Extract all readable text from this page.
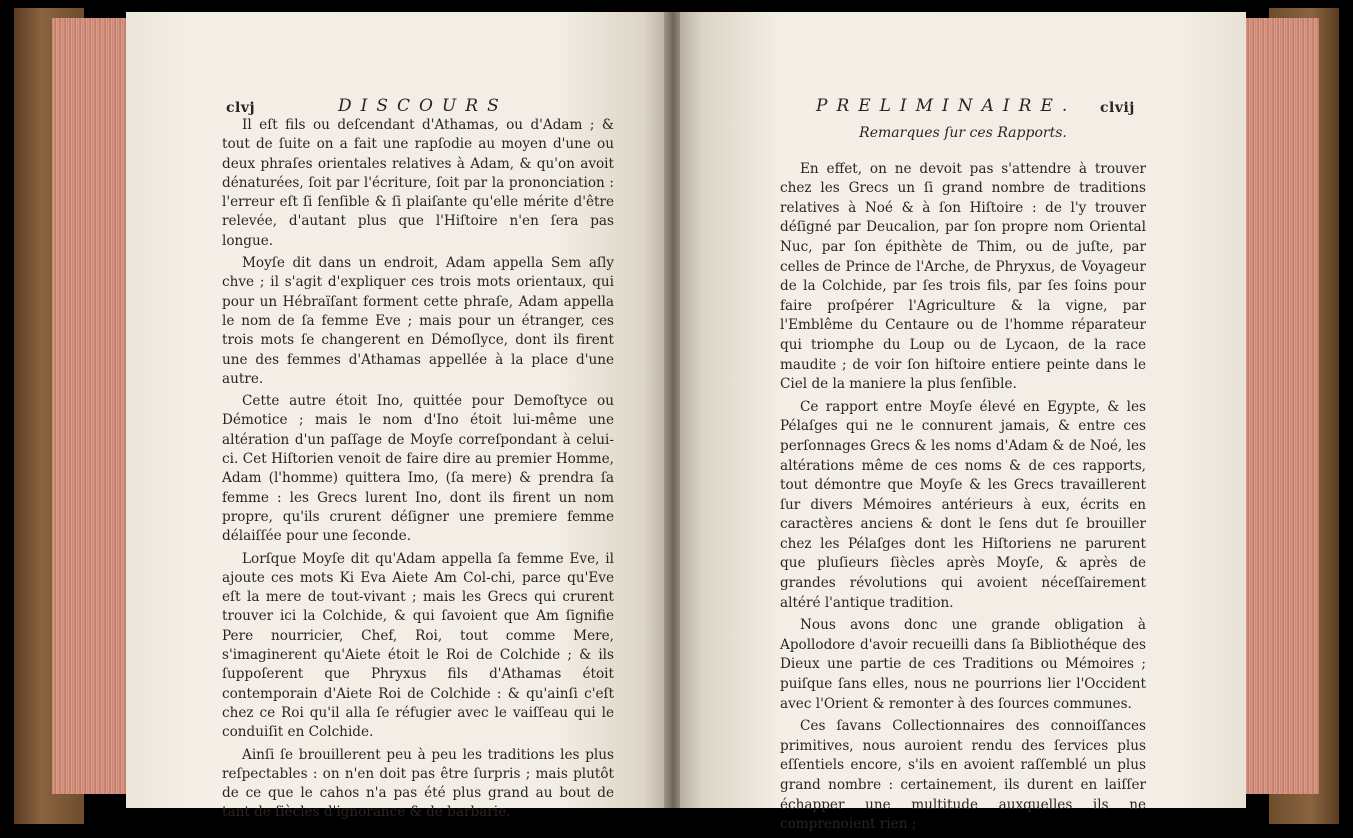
clvj	DISCOURS

Il eſt fils ou deſcendant d'Athamas, ou d'Adam ; & tout de ſuite on a fait une rapſodie au moyen d'une ou deux phraſes orientales relatives à Adam, & qu'on avoit dénaturées, ſoit par l'écriture, ſoit par la prononciation : l'erreur eſt ſi ſenſible & ſi plaiſante qu'elle mérite d'être relevée, d'autant plus que l'Hiſtoire n'en ſera pas longue.

Moyſe dit dans un endroit, Adam appella Sem aſly chve ; il s'agit d'expliquer ces trois mots orientaux, qui pour un Hébraïſant forment cette phraſe, Adam appella le nom de ſa femme Eve ; mais pour un étranger, ces trois mots ſe changerent en Démoſlyce, dont ils firent une des femmes d'Athamas appellée à la place d'une autre.

Cette autre étoit Ino, quittée pour Demoſtyce ou Démotice ; mais le nom d'Ino étoit lui-même une altération d'un paſſage de Moyſe correſpondant à celui-ci. Cet Hiſtorien venoit de faire dire au premier Homme, Adam (l'homme) quittera Imo, (ſa mere) & prendra ſa femme : les Grecs lurent Ino, dont ils firent un nom propre, qu'ils crurent déſigner une premiere femme délaiſſée pour une ſeconde.

Lorſque Moyſe dit qu'Adam appella ſa femme Eve, il ajoute ces mots Ki Eva Aiete Am Col-chi, parce qu'Eve eſt la mere de tout-vivant ; mais les Grecs qui crurent trouver ici la Colchide, & qui ſavoient que Am ſignifie Pere nourricier, Chef, Roi, tout comme Mere, s'imaginerent qu'Aiete étoit le Roi de Colchide ; & ils ſuppoſerent que Phryxus fils d'Athamas étoit contemporain d'Aiete Roi de Colchide : & qu'ainſi c'eſt chez ce Roi qu'il alla ſe réfugier avec le vaiſſeau qui le conduiſit en Colchide.

Ainſi ſe brouillerent peu à peu les traditions les plus reſpectables : on n'en doit pas être ſurpris ; mais plutôt de ce que le cahos n'a pas été plus grand au bout de tant de ſiècles d'ignorance & de barbarie.

PRELIMINAIRE. clvij

Remarques ſur ces Rapports.

En effet, on ne devoit pas s'attendre à trouver chez les Grecs un ſi grand nombre de traditions relatives à Noé & à ſon Hiſtoire : de l'y trouver déſigné par Deucalion, par ſon propre nom Oriental Nuc, par ſon épithète de Thim, ou de juſte, par celles de Prince de l'Arche, de Phryxus, de Voyageur de la Colchide, par ſes trois fils, par ſes ſoins pour faire proſpérer l'Agriculture & la vigne, par l'Emblême du Centaure ou de l'homme réparateur qui triomphe du Loup ou de Lycaon, de la race maudite ; de voir ſon hiſtoire entiere peinte dans le Ciel de la maniere la plus ſenſible.

Ce rapport entre Moyſe élevé en Egypte, & les Pélaſges qui ne le connurent jamais, & entre ces perſonnages Grecs & les noms d'Adam & de Noé, les altérations même de ces noms & de ces rapports, tout démontre que Moyſe & les Grecs travaillerent ſur divers Mémoires antérieurs à eux, écrits en caractères anciens & dont le ſens dut ſe brouiller chez les Pélaſges dont les Hiſtoriens ne parurent que pluſieurs ſiècles après Moyſe, & après de grandes révolutions qui avoient néceſſairement altéré l'antique tradition.

Nous avons donc une grande obligation à Apollodore d'avoir recueilli dans ſa Bibliothéque des Dieux une partie de ces Traditions ou Mémoires ; puiſque ſans elles, nous ne pourrions lier l'Occident avec l'Orient & remonter à des ſources communes.

Ces ſavans Collectionnaires des connoiſſances primitives, nous auroient rendu des ſervices plus eſſentiels encore, s'ils en avoient raſſemblé un plus grand nombre : certainement, ils durent en laiſſer échapper une multitude auxquelles ils ne comprenoient rien ;
